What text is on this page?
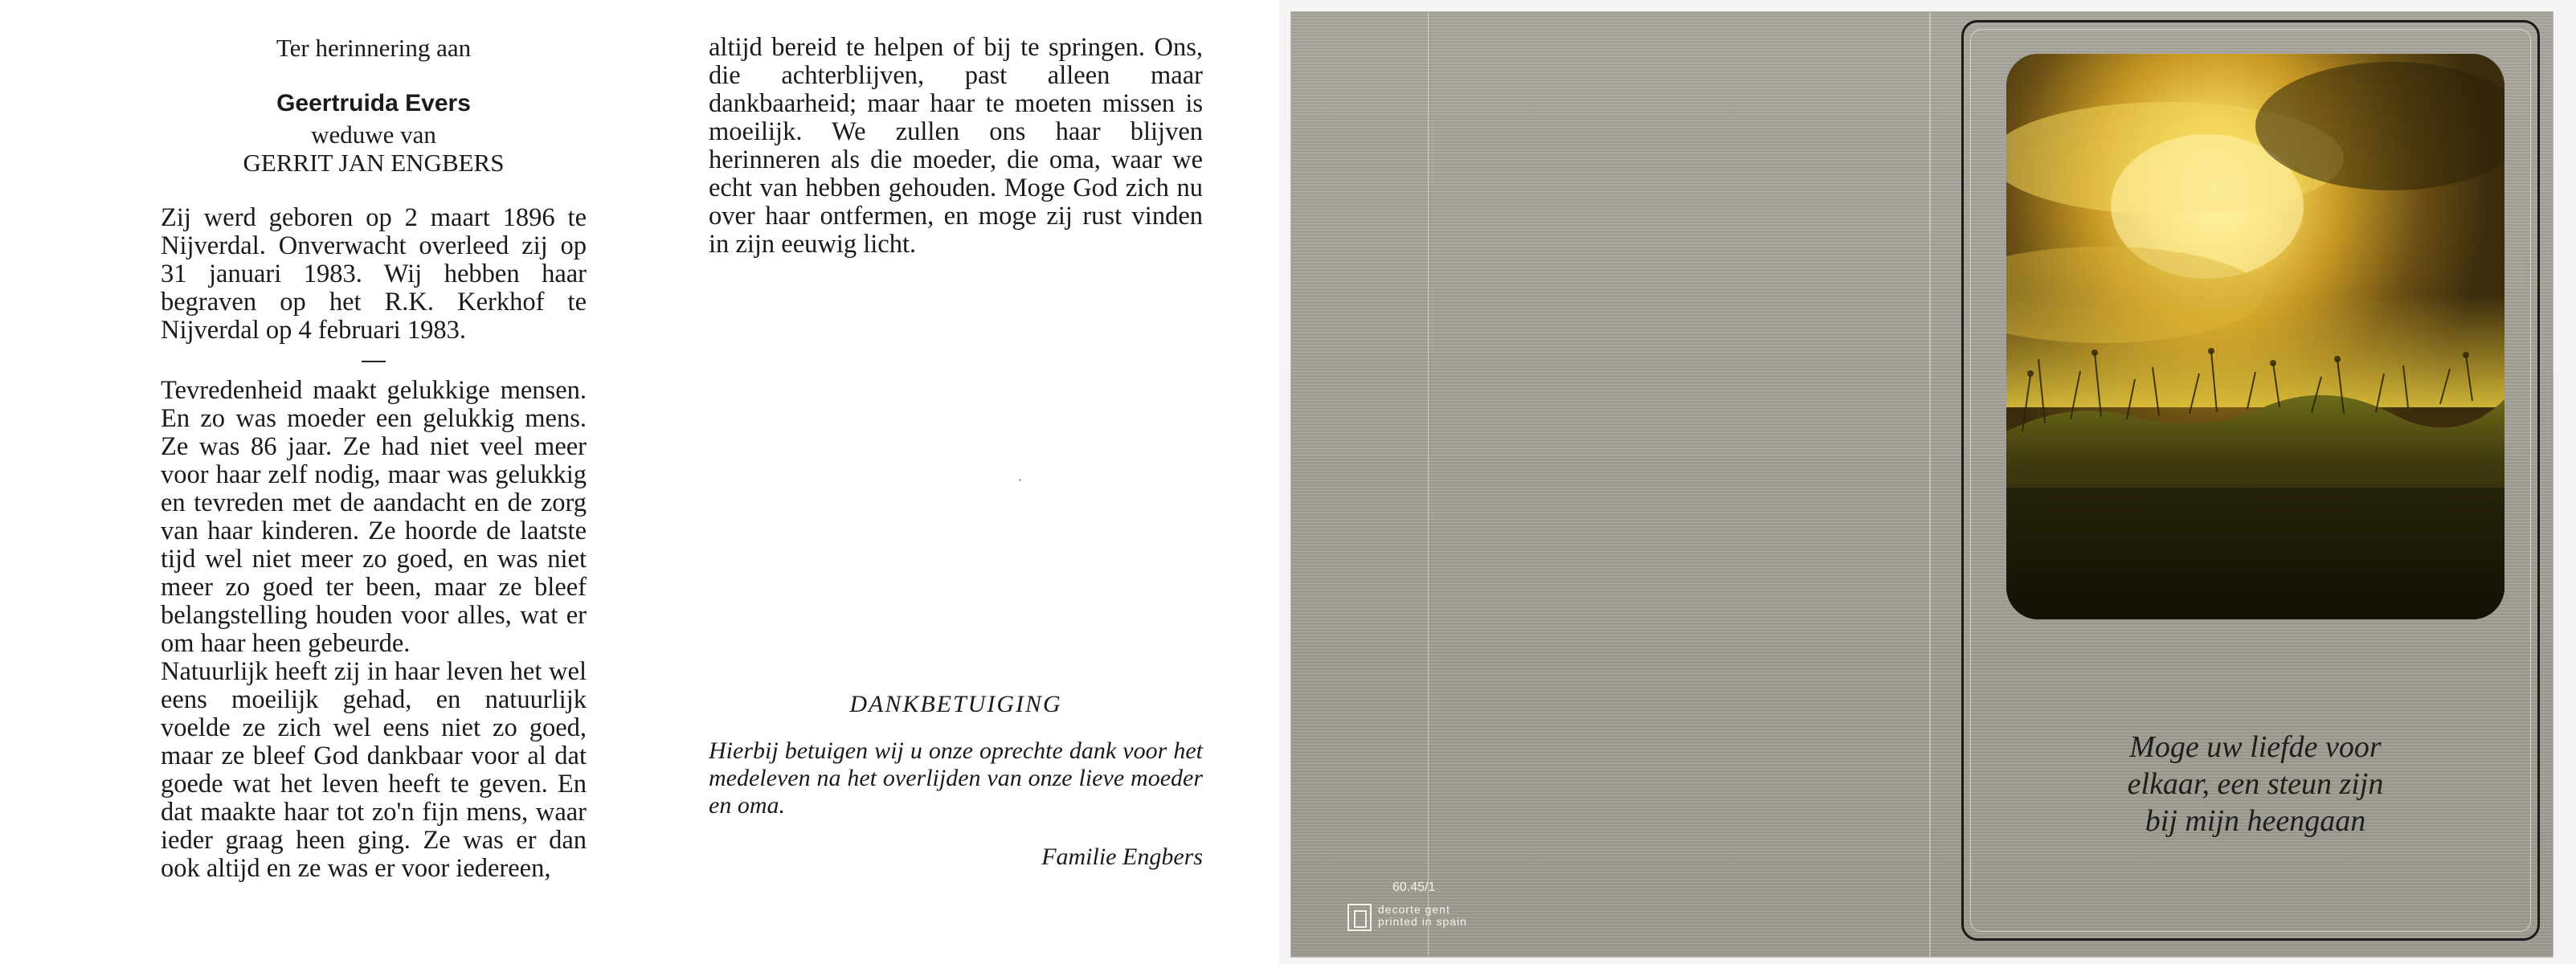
Ter herinnering aan
Geertruida Evers
weduwe van
GERRIT JAN ENGBERS
Zij werd geboren op 2 maart 1896 te Nijverdal. Onverwacht overleed zij op 31 januari 1983. Wij hebben haar begraven op het R.K. Kerkhof te Nijverdal op 4 februari 1983.
Tevredenheid maakt gelukkige mensen. En zo was moeder een gelukkig mens. Ze was 86 jaar. Ze had niet veel meer voor haar zelf nodig, maar was gelukkig en tevreden met de aandacht en de zorg van haar kinderen. Ze hoorde de laatste tijd wel niet meer zo goed, en was niet meer zo goed ter been, maar ze bleef belangstelling houden voor alles, wat er om haar heen gebeurde.
Natuurlijk heeft zij in haar leven het wel eens moeilijk gehad, en natuurlijk voelde ze zich wel eens niet zo goed, maar ze bleef God dankbaar voor al dat goede wat het leven heeft te geven. En dat maakte haar tot zo'n fijn mens, waar ieder graag heen ging. Ze was er dan ook altijd en ze was er voor iedereen,
altijd bereid te helpen of bij te springen. Ons, die achterblijven, past alleen maar dankbaarheid; maar haar te moeten missen is moeilijk. We zullen ons haar blijven herinneren als die moeder, die oma, waar we echt van hebben gehouden. Moge God zich nu over haar ontfermen, en moge zij rust vinden in zijn eeuwig licht.
DANKBETUIGING
Hierbij betuigen wij u onze oprechte dank voor het medeleven na het overlijden van onze lieve moeder en oma.
Familie Engbers
Moge uw liefde voor
elkaar, een steun zijn
bij mijn heengaan
60.45/1
decorte gent
printed in spain
